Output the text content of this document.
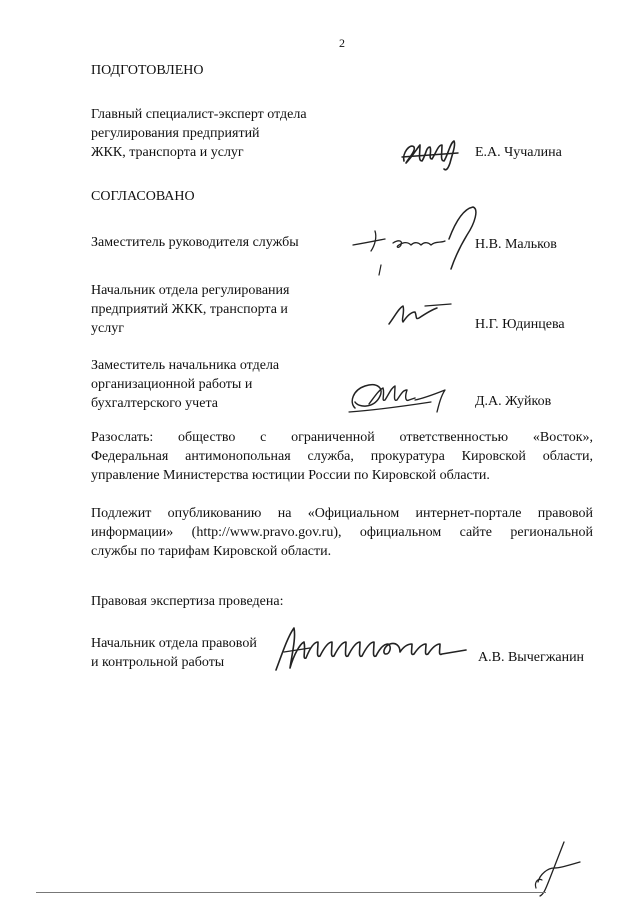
2
ПОДГОТОВЛЕНО
Главный специалист-эксперт отдела
регулирования предприятий
ЖКК, транспорта и услуг	Е.А. Чучалина
СОГЛАСОВАНО
Заместитель руководителя службы	Н.В. Мальков
Начальник отдела регулирования
предприятий ЖКК, транспорта и
услуг	Н.Г. Юдинцева
Заместитель начальника отдела
организационной работы и
бухгалтерского учета	Д.А. Жуйков
Разослать: общество с ограниченной ответственностью «Восток»,
Федеральная антимонопольная служба, прокуратура Кировской области,
управление Министерства юстиции России по Кировской области.
Подлежит опубликованию на «Официальном интернет-портале правовой
информации» (http://www.pravo.gov.ru), официальном сайте региональной
службы по тарифам Кировской области.
Правовая экспертиза проведена:
Начальник отдела правовой
и контрольной работы	А.В. Вычегжанин
